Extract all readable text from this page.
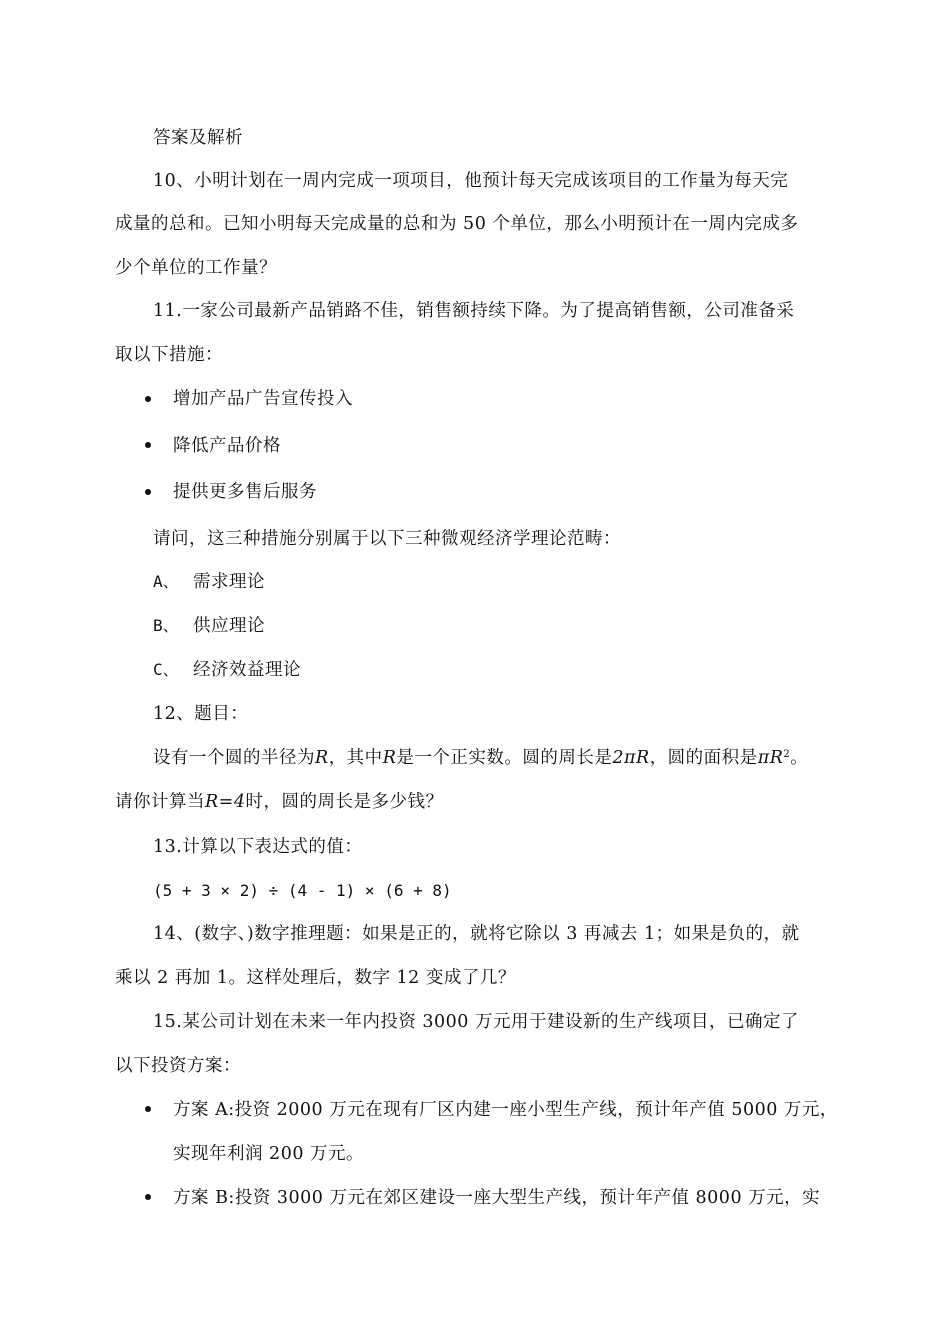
答案及解析
10、小明计划在一周内完成一项项目，他预计每天完成该项目的工作量为每天完
成量的总和。已知小明每天完成量的总和为 50 个单位，那么小明预计在一周内完成多
少个单位的工作量？
11.一家公司最新产品销路不佳，销售额持续下降。为了提高销售额，公司准备采
取以下措施：
增加产品广告宣传投入
降低产品价格
提供更多售后服务
请问，这三种措施分别属于以下三种微观经济学理论范畴：
A、 需求理论
B、 供应理论
C、 经济效益理论
12、题目：
设有一个圆的半径为R，其中R是一个正实数。圆的周长是2πR，圆的面积是$\pi R^2$。
请你计算当R=4时，圆的周长是多少钱？
13.计算以下表达式的值：
(5 + 3 × 2) ÷ (4 - 1) × (6 + 8)
14、(数字、)数字推理题：如果是正的，就将它除以 3 再减去 1；如果是负的，就
乘以 2 再加 1。这样处理后，数字 12 变成了几？
15.某公司计划在未来一年内投资 3000 万元用于建设新的生产线项目，已确定了
以下投资方案：
方案 A:投资 2000 万元在现有厂区内建一座小型生产线，预计年产值 5000 万元，
实现年利润 200 万元。
方案 B:投资 3000 万元在郊区建设一座大型生产线，预计年产值 8000 万元，实
